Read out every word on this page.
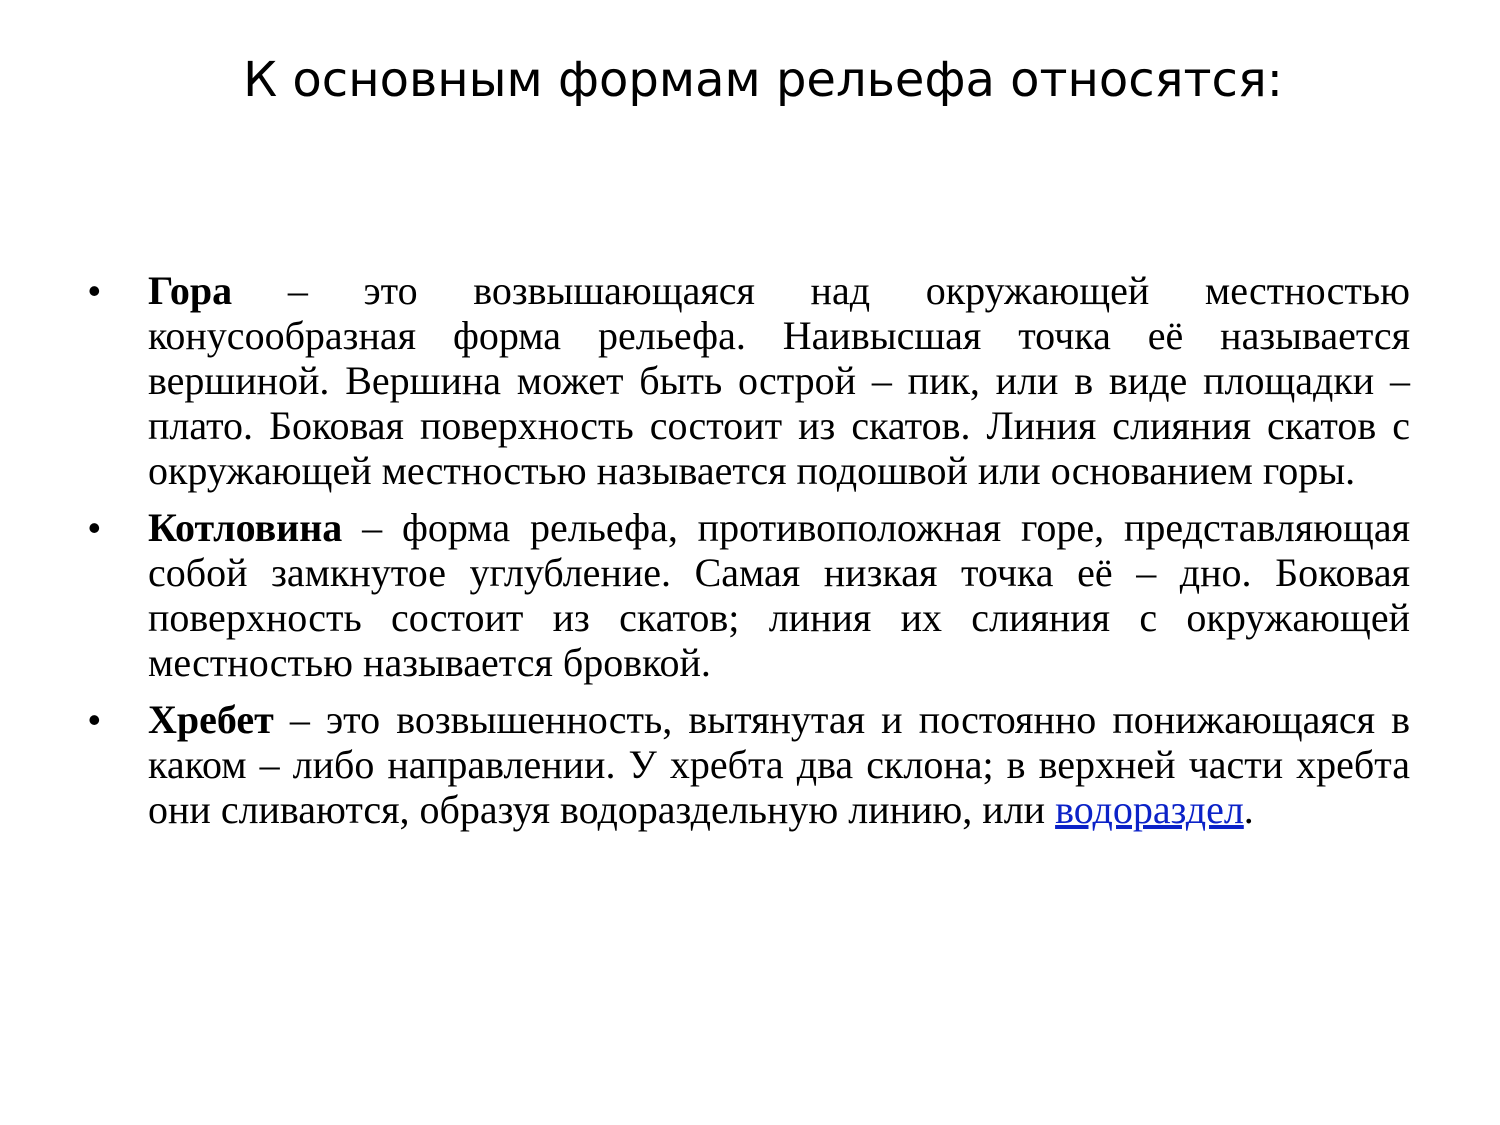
К основным формам рельефа относятся:
• Гора – это возвышающаяся над окружающей местностью конусообразная форма рельефа. Наивысшая точка её называется вершиной. Вершина может быть острой – пик, или в виде площадки – плато. Боковая поверхность состоит из скатов. Линия слияния скатов с окружающей местностью называется подошвой или основанием горы.
• Котловина – форма рельефа, противоположная горе, представляющая собой замкнутое углубление. Самая низкая точка её – дно. Боковая поверхность состоит из скатов; линия их слияния с окружающей местностью называется бровкой.
• Хребет – это возвышенность, вытянутая и постоянно понижающаяся в каком – либо направлении. У хребта два склона; в верхней части хребта они сливаются, образуя водораздельную линию, или водораздел.
